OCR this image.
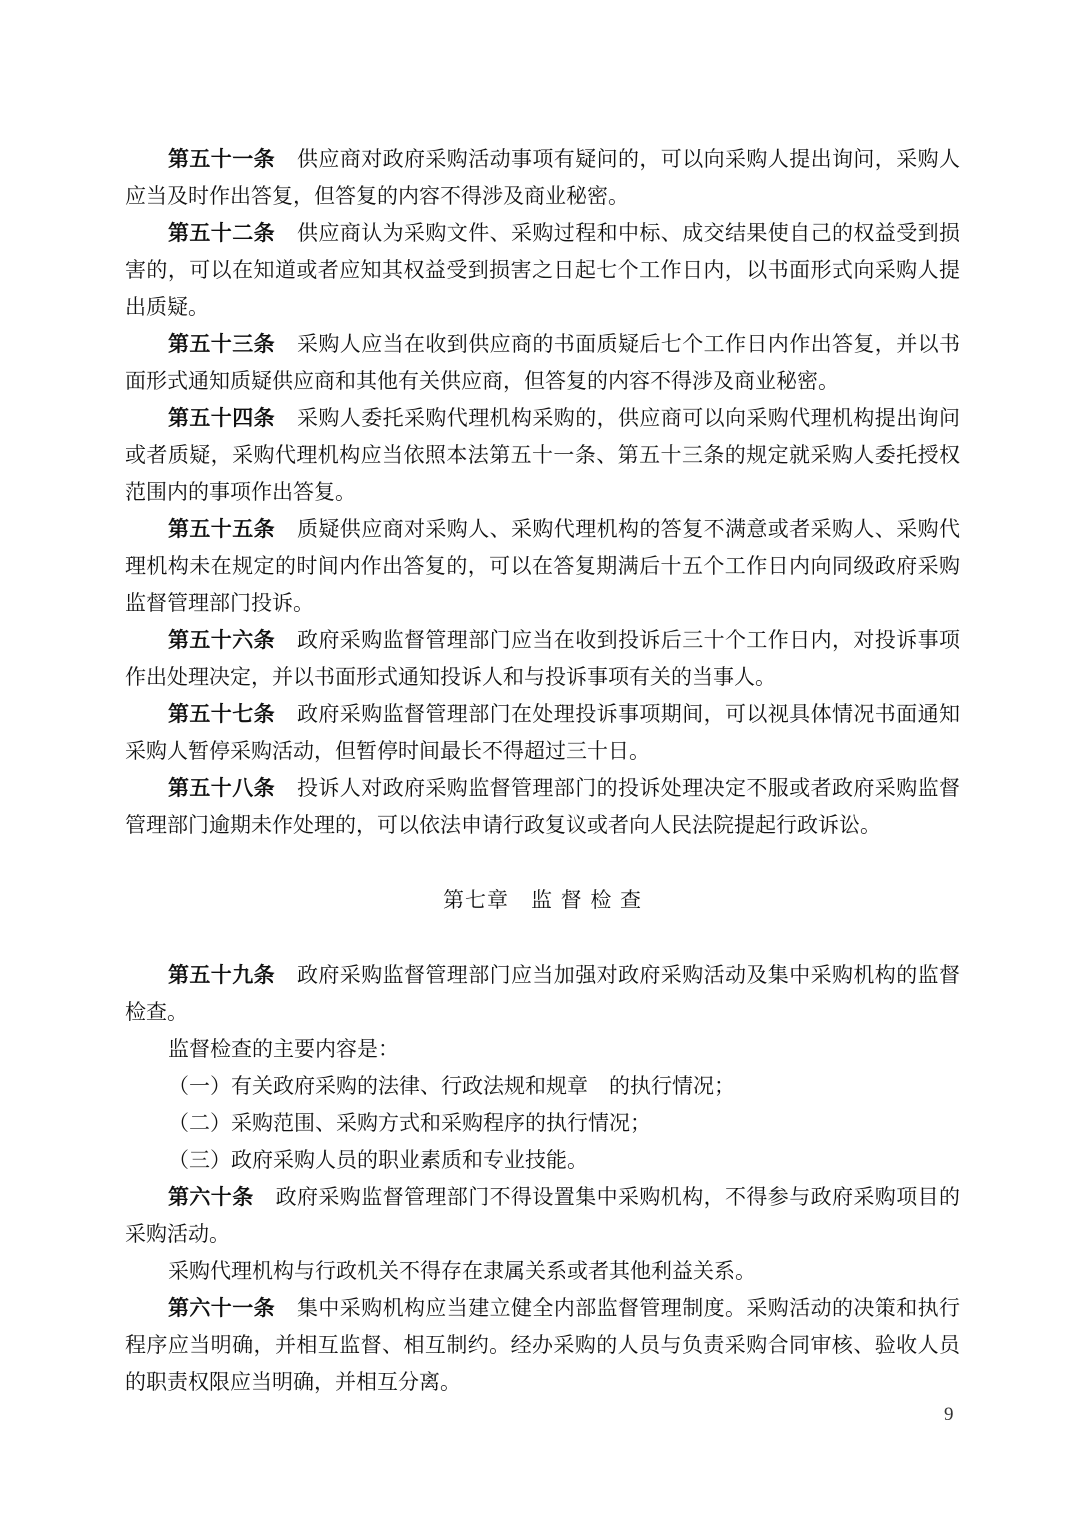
第五十一条 供应商对政府采购活动事项有疑问的，可以向采购人提出询问，采购人应当及时作出答复，但答复的内容不得涉及商业秘密。

第五十二条 供应商认为采购文件、采购过程和中标、成交结果使自己的权益受到损害的，可以在知道或者应知其权益受到损害之日起七个工作日内，以书面形式向采购人提出质疑。

第五十三条 采购人应当在收到供应商的书面质疑后七个工作日内作出答复，并以书面形式通知质疑供应商和其他有关供应商，但答复的内容不得涉及商业秘密。

第五十四条 采购人委托采购代理机构采购的，供应商可以向采购代理机构提出询问或者质疑，采购代理机构应当依照本法第五十一条、第五十三条的规定就采购人委托授权范围内的事项作出答复。

第五十五条 质疑供应商对采购人、采购代理机构的答复不满意或者采购人、采购代理机构未在规定的时间内作出答复的，可以在答复期满后十五个工作日内向同级政府采购监督管理部门投诉。

第五十六条 政府采购监督管理部门应当在收到投诉后三十个工作日内，对投诉事项作出处理决定，并以书面形式通知投诉人和与投诉事项有关的当事人。

第五十七条 政府采购监督管理部门在处理投诉事项期间，可以视具体情况书面通知采购人暂停采购活动，但暂停时间最长不得超过三十日。

第五十八条 投诉人对政府采购监督管理部门的投诉处理决定不服或者政府采购监督管理部门逾期未作处理的，可以依法申请行政复议或者向人民法院提起行政诉讼。

第七章 监 督 检 查

第五十九条 政府采购监督管理部门应当加强对政府采购活动及集中采购机构的监督检查。

监督检查的主要内容是：

（一）有关政府采购的法律、行政法规和规章　的执行情况；

（二）采购范围、采购方式和采购程序的执行情况；

（三）政府采购人员的职业素质和专业技能。

第六十条 政府采购监督管理部门不得设置集中采购机构，不得参与政府采购项目的采购活动。

采购代理机构与行政机关不得存在隶属关系或者其他利益关系。

第六十一条 集中采购机构应当建立健全内部监督管理制度。采购活动的决策和执行程序应当明确，并相互监督、相互制约。经办采购的人员与负责采购合同审核、验收人员的职责权限应当明确，并相互分离。

9
